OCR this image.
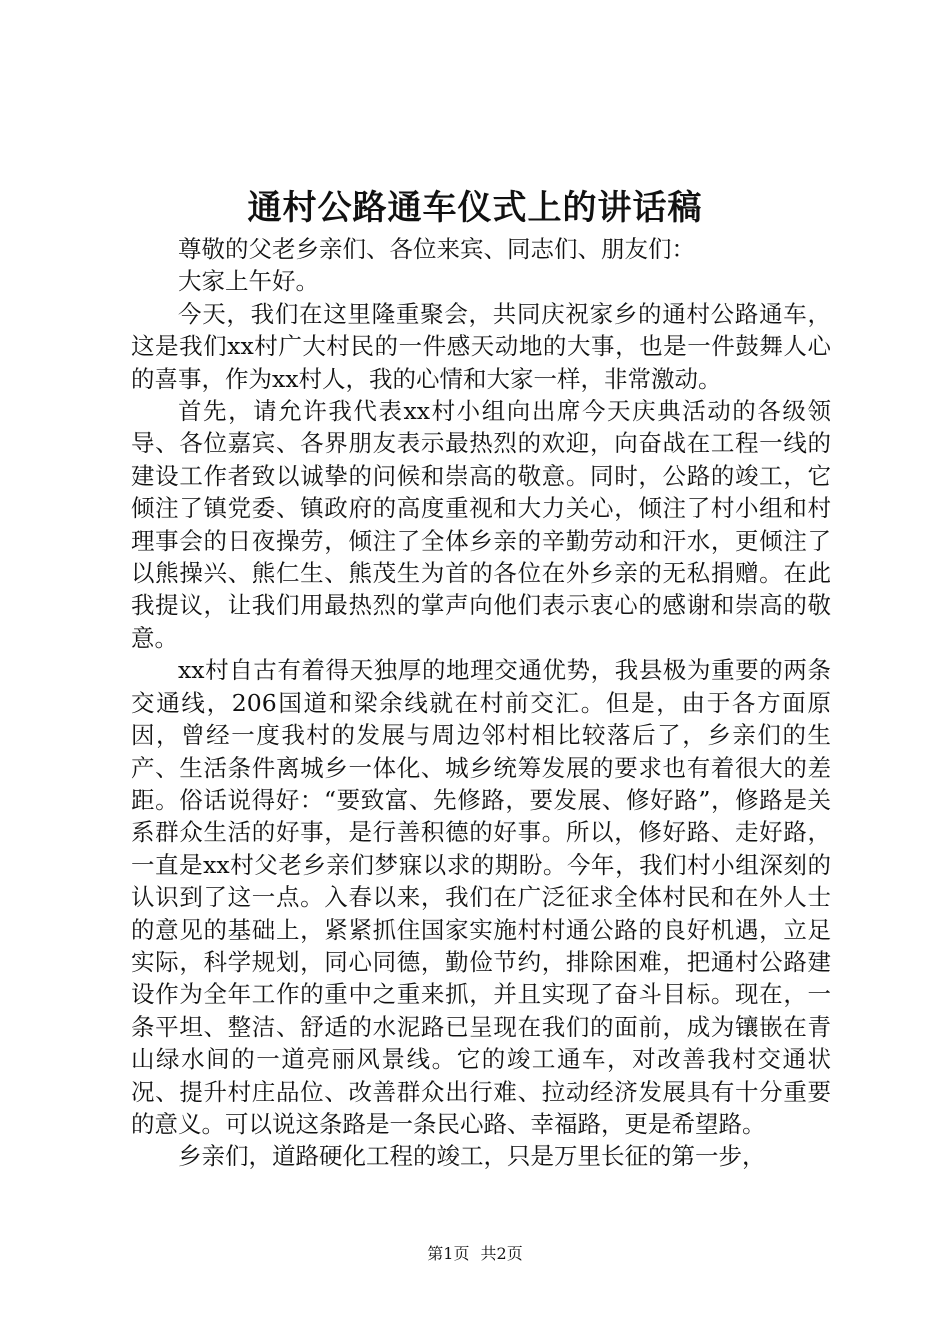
通村公路通车仪式上的讲话稿

尊敬的父老乡亲们、各位来宾、同志们、朋友们：

大家上午好。

今天，我们在这里隆重聚会，共同庆祝家乡的通村公路通车，这是我们xx村广大村民的一件感天动地的大事，也是一件鼓舞人心的喜事，作为xx村人，我的心情和大家一样，非常激动。

首先，请允许我代表xx村小组向出席今天庆典活动的各级领导、各位嘉宾、各界朋友表示最热烈的欢迎，向奋战在工程一线的建设工作者致以诚挚的问候和崇高的敬意。同时，公路的竣工，它倾注了镇党委、镇政府的高度重视和大力关心，倾注了村小组和村理事会的日夜操劳，倾注了全体乡亲的辛勤劳动和汗水，更倾注了以熊操兴、熊仁生、熊茂生为首的各位在外乡亲的无私捐赠。在此我提议，让我们用最热烈的掌声向他们表示衷心的感谢和崇高的敬意。

xx村自古有着得天独厚的地理交通优势，我县极为重要的两条交通线，206国道和梁余线就在村前交汇。但是，由于各方面原因，曾经一度我村的发展与周边邻村相比较落后了，乡亲们的生产、生活条件离城乡一体化、城乡统筹发展的要求也有着很大的差距。俗话说得好：“要致富、先修路，要发展、修好路”，修路是关系群众生活的好事，是行善积德的好事。所以，修好路、走好路，一直是xx村父老乡亲们梦寐以求的期盼。今年，我们村小组深刻的认识到了这一点。入春以来，我们在广泛征求全体村民和在外人士的意见的基础上，紧紧抓住国家实施村村通公路的良好机遇，立足实际，科学规划，同心同德，勤俭节约，排除困难，把通村公路建设作为全年工作的重中之重来抓，并且实现了奋斗目标。现在，一条平坦、整洁、舒适的水泥路已呈现在我们的面前，成为镶嵌在青山绿水间的一道亮丽风景线。它的竣工通车，对改善我村交通状况、提升村庄品位、改善群众出行难、拉动经济发展具有十分重要的意义。可以说这条路是一条民心路、幸福路，更是希望路。

乡亲们，道路硬化工程的竣工，只是万里长征的第一步，

第1页 共2页
